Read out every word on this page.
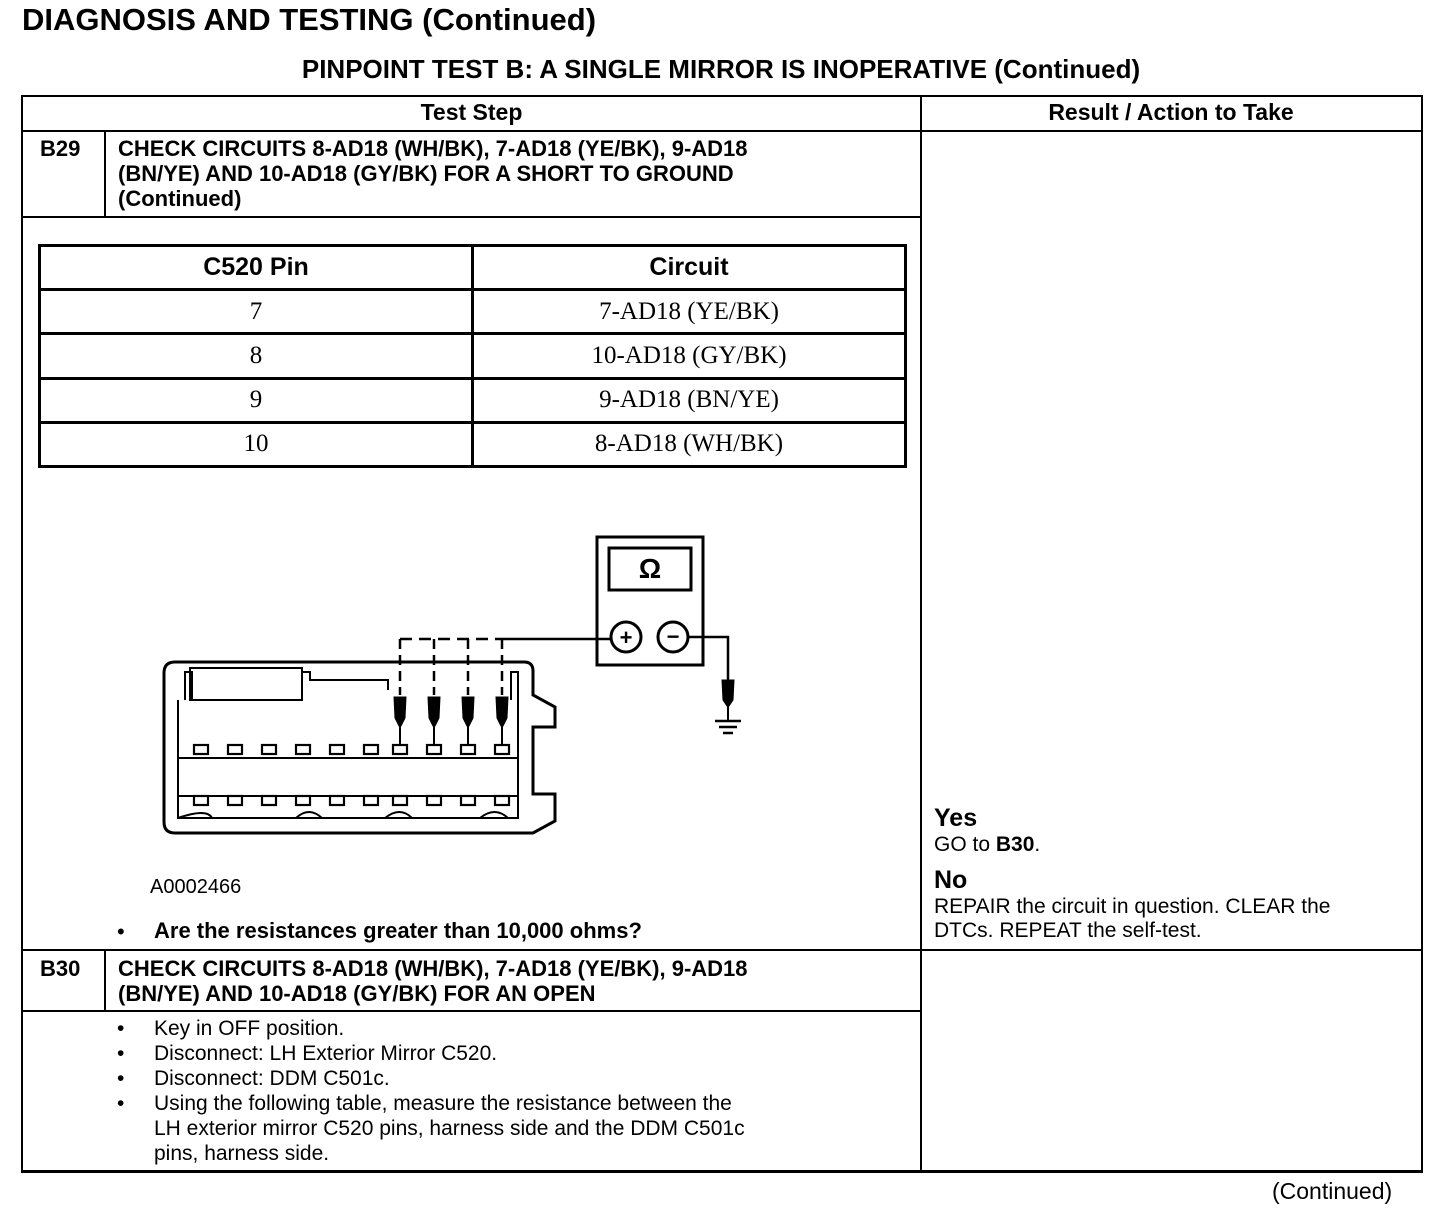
DIAGNOSIS AND TESTING (Continued)
PINPOINT TEST B: A SINGLE MIRROR IS INOPERATIVE (Continued)
Test Step	Result / Action to Take
B29 CHECK CIRCUITS 8-AD18 (WH/BK), 7-AD18 (YE/BK), 9-AD18
(BN/YE) AND 10-AD18 (GY/BK) FOR A SHORT TO GROUND
(Continued)
C520 Pin	Circuit
7	7-AD18 (YE/BK)
8	10-AD18 (GY/BK)
9	9-AD18 (BN/YE)
10	8-AD18 (WH/BK)
Ω
+ −
A0002466
• Are the resistances greater than 10,000 ohms?
Yes
GO to B30.
No
REPAIR the circuit in question. CLEAR the
DTCs. REPEAT the self-test.
B30 CHECK CIRCUITS 8-AD18 (WH/BK), 7-AD18 (YE/BK), 9-AD18
(BN/YE) AND 10-AD18 (GY/BK) FOR AN OPEN
• Key in OFF position.
• Disconnect: LH Exterior Mirror C520.
• Disconnect: DDM C501c.
• Using the following table, measure the resistance between the
LH exterior mirror C520 pins, harness side and the DDM C501c
pins, harness side.
(Continued)
